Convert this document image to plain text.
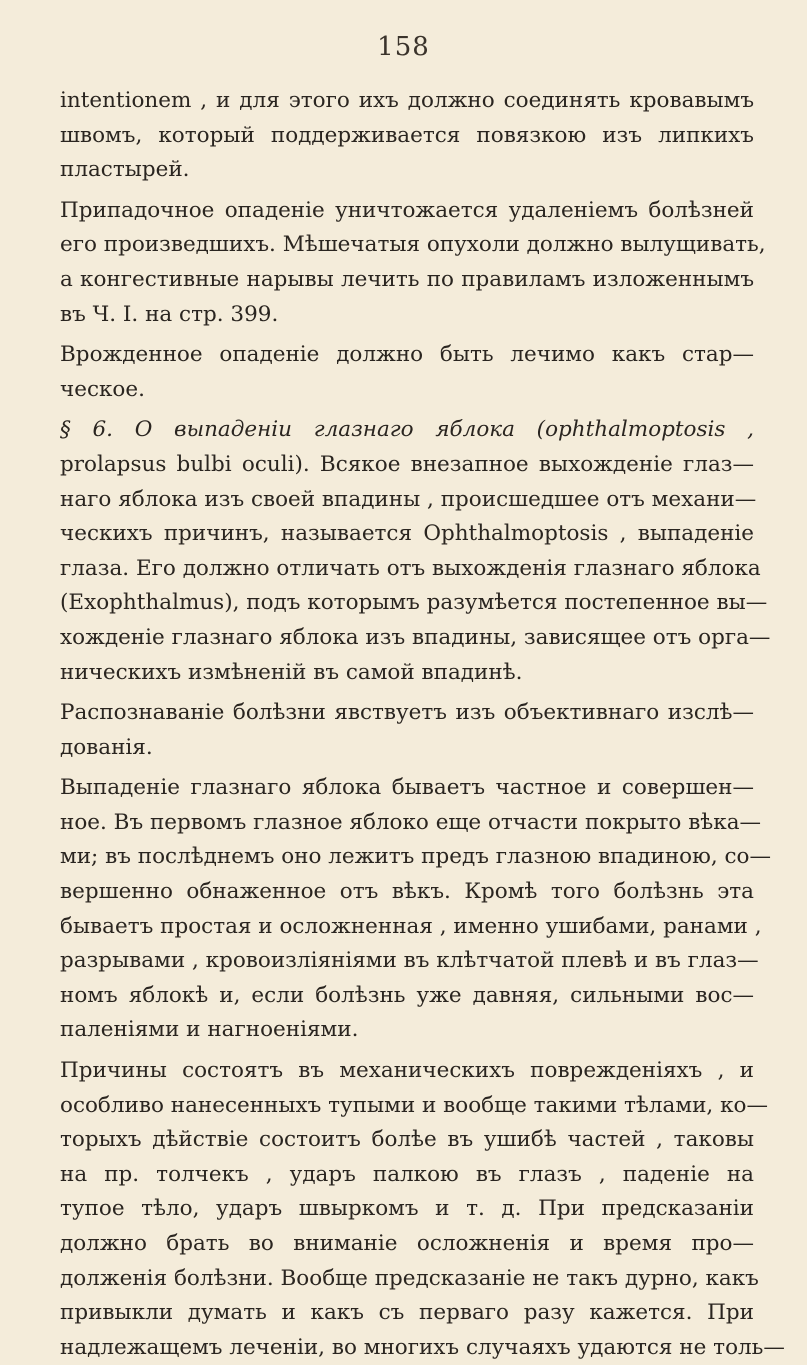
158
intentionem , и для этого ихъ должно соединять кровавымъ
швомъ, который поддерживается повязкою изъ липкихъ
пластырей.
Припадочное опаденіе уничтожается удаленіемъ болѣзней
его произведшихъ. Мѣшечатыя опухоли должно вылущивать,
а конгестивные нарывы лечить по правиламъ изложеннымъ
въ Ч. I. на стр. 399.
Врожденное опаденіе должно быть лечимо какъ стар—
ческое.
§ 6. О выпаденіи глазнаго яблока (ophthalmoptosis ,
prolapsus bulbi oculi). Всякое внезапное выхожденіе глаз—
наго яблока изъ своей впадины , происшедшее отъ механи—
ческихъ причинъ, называется Ophthalmoptosis , выпаденіе
глаза. Его должно отличать отъ выхожденія глазнаго яблока
(Exophthalmus), подъ которымъ разумѣется постепенное вы—
хожденіе глазнаго яблока изъ впадины, зависящее отъ орга—
ническихъ измѣненій въ самой впадинѣ.
Распознаваніе болѣзни явствуетъ изъ объективнаго изслѣ—
дованія.
Выпаденіе глазнаго яблока бываетъ частное и совершен—
ное. Въ первомъ глазное яблоко еще отчасти покрыто вѣка—
ми; въ послѣднемъ оно лежитъ предъ глазною впадиною, со—
вершенно обнаженное отъ вѣкъ. Кромѣ того болѣзнь эта
бываетъ простая и осложненная , именно ушибами, ранами ,
разрывами , кровоизліяніями въ клѣтчатой плевѣ и въ глаз—
номъ яблокѣ и, если болѣзнь уже давняя, сильными вос—
паленіями и нагноеніями.
Причины состоятъ въ механическихъ поврежденіяхъ , и
особливо нанесенныхъ тупыми и вообще такими тѣлами, ко—
торыхъ дѣйствіе состоитъ болѣе въ ушибѣ частей , таковы
на пр. толчекъ , ударъ палкою въ глазъ , паденіе на
тупое тѣло, ударъ швыркомъ и т. д. При предсказаніи
должно брать во вниманіе осложненія и время про—
долженія болѣзни. Вообще предсказаніе не такъ дурно, какъ
привыкли думать и какъ съ перваго разу кажется. При
надлежащемъ леченіи, во многихъ случаяхъ удаются не толь—
